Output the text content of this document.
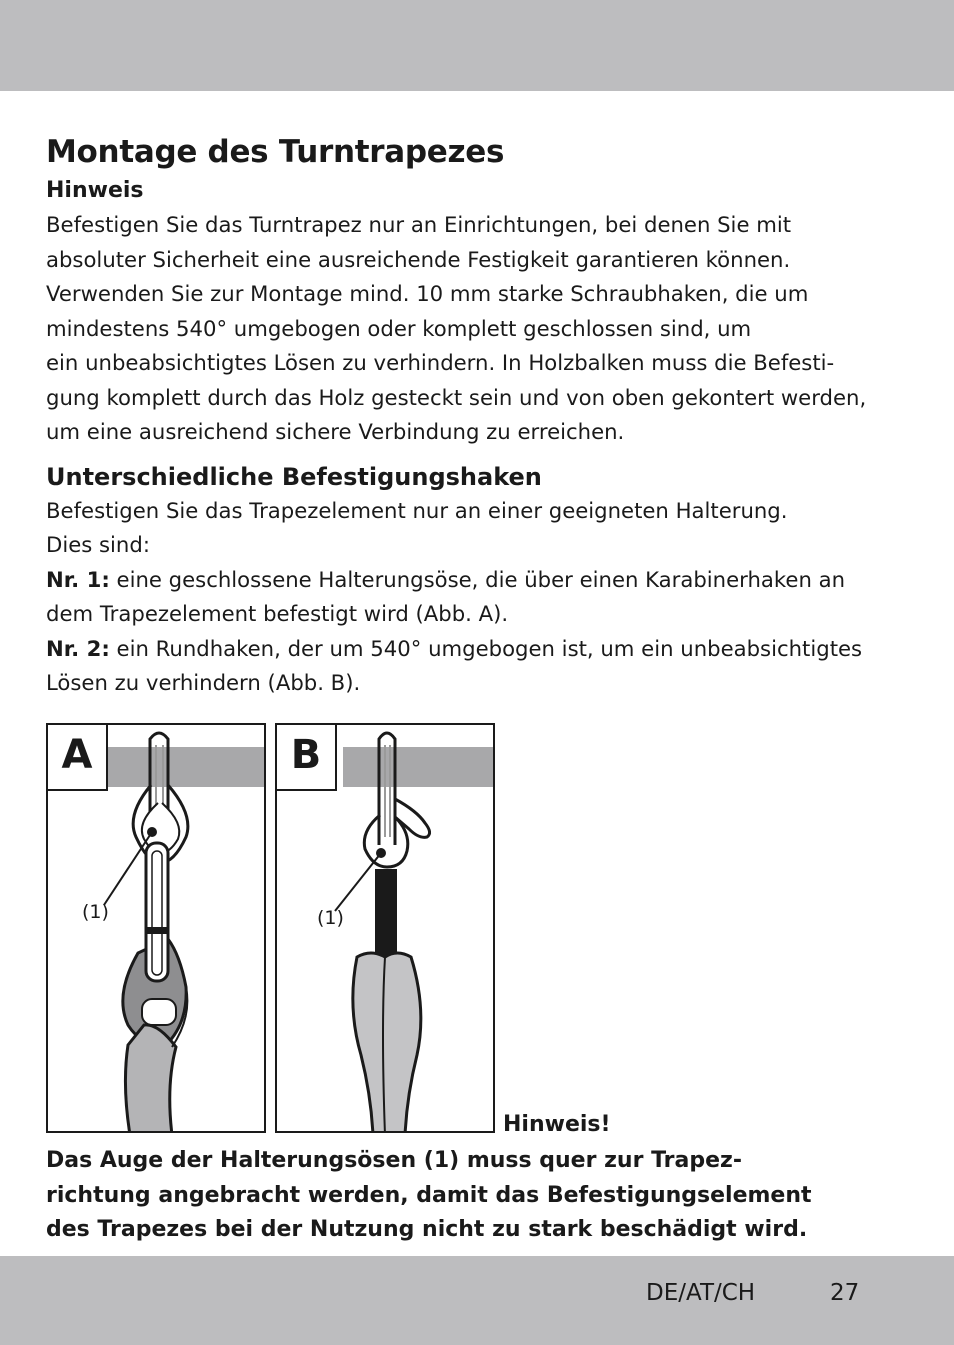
Montage des Turntrapezes
Hinweis

Befestigen Sie das Turntrapez nur an Einrichtungen, bei denen Sie mit

absoluter Sicherheit eine ausreichende Festigkeit garantieren können.

Verwenden Sie zur Montage mind. 10 mm starke Schraubhaken, die um

mindestens 540° umgebogen oder komplett geschlossen sind, um

ein unbeabsichtigtes Lösen zu verhindern. In Holzbalken muss die Befesti-

gung komplett durch das Holz gesteckt sein und von oben gekontert werden,

um eine ausreichend sichere Verbindung zu erreichen.

Unterschiedliche Befestigungshaken

Befestigen Sie das Trapezelement nur an einer geeigneten Halterung.

Dies sind:

Nr. 1: eine geschlossene Halterungsöse, die über einen Karabinerhaken an

dem Trapezelement befestigt wird (Abb. A).

Nr. 2: ein Rundhaken, der um 540° umgebogen ist, um ein unbeabsichtigtes

Lösen zu verhindern (Abb. B).

A
(1)
B
(1)
Hinweis!
Das Auge der Halterungsösen (1) muss quer zur Trapez-
richtung angebracht werden, damit das Befestigungselement
des Trapezes bei der Nutzung nicht zu stark beschädigt wird.
DE/AT/CH	27
